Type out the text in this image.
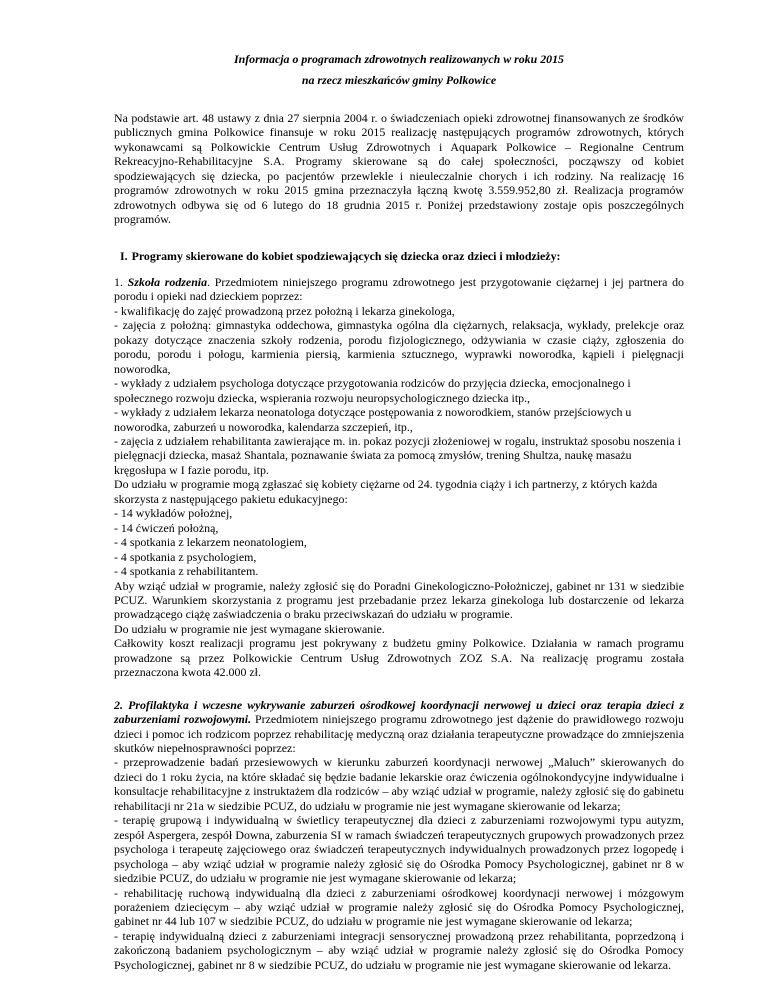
Informacja o programach zdrowotnych realizowanych w roku 2015

na rzecz mieszkańców gminy Polkowice

Na podstawie art. 48 ustawy z dnia 27 sierpnia 2004 r. o świadczeniach opieki zdrowotnej finansowanych ze środków publicznych gmina Polkowice finansuje w roku 2015 realizację następujących programów zdrowotnych, których wykonawcami są Polkowickie Centrum Usług Zdrowotnych i Aquapark Polkowice – Regionalne Centrum Rekreacyjno-Rehabilitacyjne S.A. Programy skierowane są do całej społeczności, począwszy od kobiet spodziewających się dziecka, po pacjentów przewlekle i nieuleczalnie chorych i ich rodziny. Na realizację 16 programów zdrowotnych w roku 2015 gmina przeznaczyła łączną kwotę 3.559.952,80 zł. Realizacja programów zdrowotnych odbywa się od 6 lutego do 18 grudnia 2015 r. Poniżej przedstawiony zostaje opis poszczególnych programów.

I. Programy skierowane do kobiet spodziewających się dziecka oraz dzieci i młodzieży:

1. Szkoła rodzenia. Przedmiotem niniejszego programu zdrowotnego jest przygotowanie ciężarnej i jej partnera do porodu i opieki nad dzieckiem poprzez:

- kwalifikację do zajęć prowadzoną przez położną i lekarza ginekologa,

- zajęcia z położną: gimnastyka oddechowa, gimnastyka ogólna dla ciężarnych, relaksacja, wykłady, prelekcje oraz pokazy dotyczące znaczenia szkoły rodzenia, porodu fizjologicznego, odżywiania w czasie ciąży, zgłoszenia do porodu, porodu i połogu, karmienia piersią, karmienia sztucznego, wyprawki noworodka, kąpieli i pielęgnacji noworodka,

- wykłady z udziałem psychologa dotyczące przygotowania rodziców do przyjęcia dziecka, emocjonalnego i społecznego rozwoju dziecka, wspierania rozwoju neuropsychologicznego dziecka itp.,

- wykłady z udziałem lekarza neonatologa dotyczące postępowania z noworodkiem, stanów przejściowych u noworodka, zaburzeń u noworodka, kalendarza szczepień, itp.,

- zajęcia z udziałem rehabilitanta zawierające m. in. pokaz pozycji złożeniowej w rogalu, instruktaż sposobu noszenia i pielęgnacji dziecka, masaż Shantala, poznawanie świata za pomocą zmysłów, trening Shultza, naukę masażu kręgosłupa w I fazie porodu, itp.

Do udziału w programie mogą zgłaszać się kobiety ciężarne od 24. tygodnia ciąży i ich partnerzy, z których każda skorzysta z następującego pakietu edukacyjnego:

- 14 wykładów położnej,

- 14 ćwiczeń położną,

- 4 spotkania z lekarzem neonatologiem,

- 4 spotkania z psychologiem,

- 4 spotkania z rehabilitantem.

Aby wziąć udział w programie, należy zgłosić się do Poradni Ginekologiczno-Położniczej, gabinet nr 131 w siedzibie PCUZ. Warunkiem skorzystania z programu jest przebadanie przez lekarza ginekologa lub dostarczenie od lekarza prowadzącego ciążę zaświadczenia o braku przeciwskazań do udziału w programie.

Do udziału w programie nie jest wymagane skierowanie.

Całkowity koszt realizacji programu jest pokrywany z budżetu gminy Polkowice. Działania w ramach programu prowadzone są przez Polkowickie Centrum Usług Zdrowotnych ZOZ S.A. Na realizację programu została przeznaczona kwota 42.000 zł.

2. Profilaktyka i wczesne wykrywanie zaburzeń ośrodkowej koordynacji nerwowej u dzieci oraz terapia dzieci z zaburzeniami rozwojowymi. Przedmiotem niniejszego programu zdrowotnego jest dążenie do prawidłowego rozwoju dzieci i pomoc ich rodzicom poprzez rehabilitację medyczną oraz działania terapeutyczne prowadzące do zmniejszenia skutków niepełnosprawności poprzez:

- przeprowadzenie badań przesiewowych w kierunku zaburzeń koordynacji nerwowej „Maluch” skierowanych do dzieci do 1 roku życia, na które składać się będzie badanie lekarskie oraz ćwiczenia ogólnokondycyjne indywidualne i konsultacje rehabilitacyjne z instruktażem dla rodziców – aby wziąć udział w programie, należy zgłosić się do gabinetu rehabilitacji nr 21a w siedzibie PCUZ, do udziału w programie nie jest wymagane skierowanie od lekarza;

- terapię grupową i indywidualną w świetlicy terapeutycznej dla dzieci z zaburzeniami rozwojowymi typu autyzm, zespół Aspergera, zespół Downa, zaburzenia SI w ramach świadczeń terapeutycznych grupowych prowadzonych przez psychologa i terapeutę zajęciowego oraz świadczeń terapeutycznych indywidualnych prowadzonych przez logopedę i psychologa – aby wziąć udział w programie należy zgłosić się do Ośrodka Pomocy Psychologicznej, gabinet nr 8 w siedzibie PCUZ, do udziału w programie nie jest wymagane skierowanie od lekarza;

- rehabilitację ruchową indywidualną dla dzieci z zaburzeniami ośrodkowej koordynacji nerwowej i mózgowym porażeniem dziecięcym – aby wziąć udział w programie należy zgłosić się do Ośrodka Pomocy Psychologicznej, gabinet nr 44 lub 107 w siedzibie PCUZ, do udziału w programie nie jest wymagane skierowanie od lekarza;

- terapię indywidualną dzieci z zaburzeniami integracji sensorycznej prowadzoną przez rehabilitanta, poprzedzoną i zakończoną badaniem psychologicznym – aby wziąć udział w programie należy zgłosić się do Ośrodka Pomocy Psychologicznej, gabinet nr 8 w siedzibie PCUZ, do udziału w programie nie jest wymagane skierowanie od lekarza.
